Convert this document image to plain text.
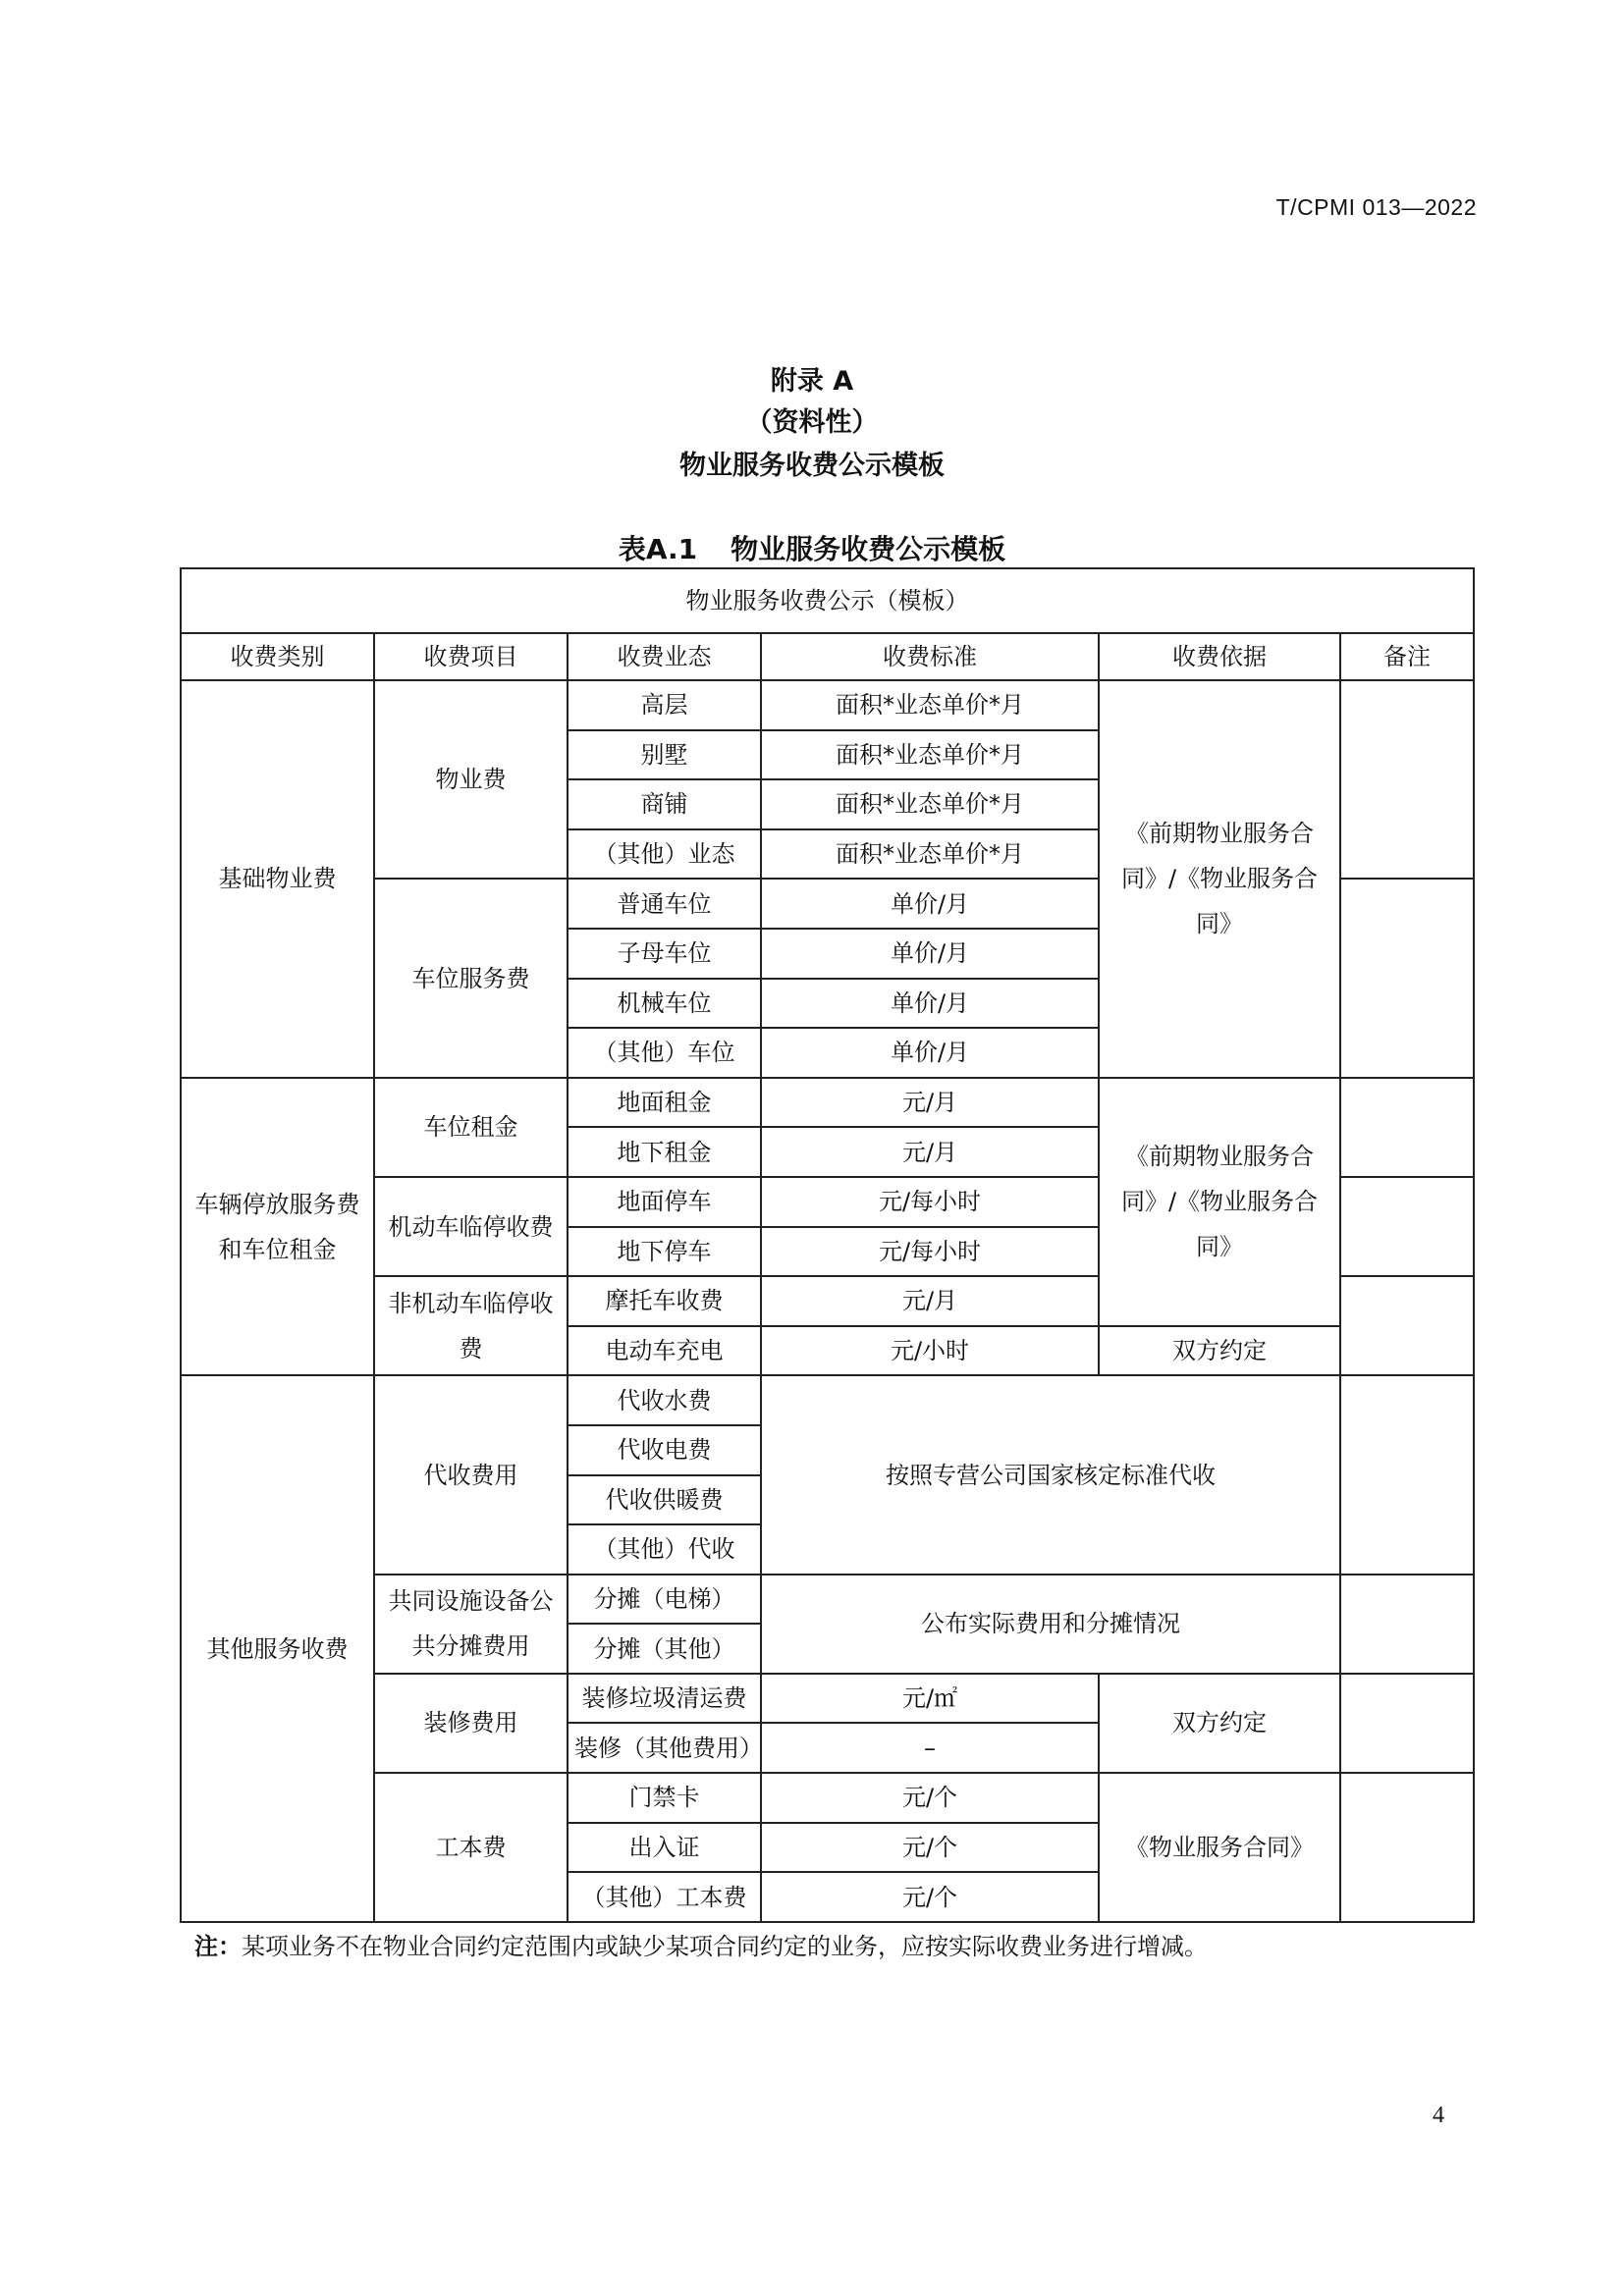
T/CPMI 013—2022
附录 A
（资料性）
物业服务收费公示模板
表A.1 物业服务收费公示模板
物业服务收费公示（模板）					
收费类别	收费项目	收费业态	收费标准	收费依据	备注
基础物业费	物业费	高层	面积*业态单价*月	《前期物业服务合同》/《物业服务合同》	
		别墅	面积*业态单价*月		
		商铺	面积*业态单价*月		
		（其他）业态	面积*业态单价*月		
	车位服务费	普通车位	单价/月		
		子母车位	单价/月		
		机械车位	单价/月		
		（其他）车位	单价/月		
车辆停放服务费和车位租金	车位租金	地面租金	元/月	《前期物业服务合同》/《物业服务合同》	
		地下租金	元/月		
	机动车临停收费	地面停车	元/每小时		
		地下停车	元/每小时		
	非机动车临停收费	摩托车收费	元/月		
		电动车充电	元/小时	双方约定	
其他服务收费	代收费用	代收水费	按照专营公司国家核定标准代收		
		代收电费			
		代收供暖费			
		（其他）代收			
	共同设施设备公共分摊费用	分摊（电梯）	公布实际费用和分摊情况		
		分摊（其他）			
	装修费用	装修垃圾清运费	元/㎡	双方约定	

		装修（其他费用）	–		

	工本费	门禁卡	元/个	《物业服务合同》	
		出入证	元/个		
		（其他）工本费	元/个		
注：某项业务不在物业合同约定范围内或缺少某项合同约定的业务，应按实际收费业务进行增减。
4
